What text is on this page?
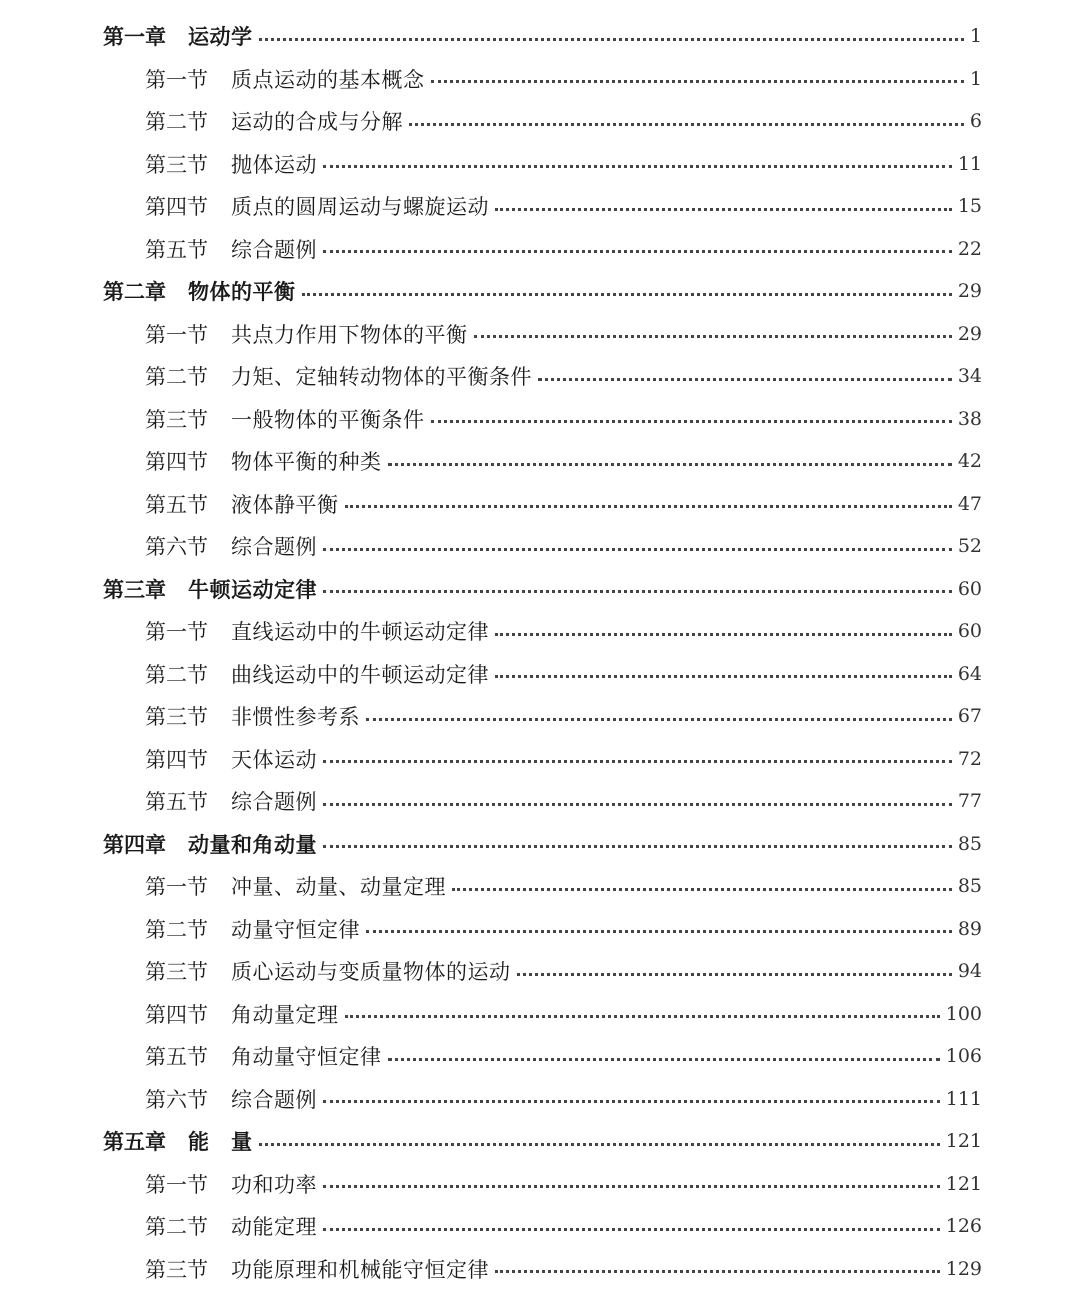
第一章	运动学	1
第一节	质点运动的基本概念	1
第二节	运动的合成与分解	6
第三节	抛体运动	11
第四节	质点的圆周运动与螺旋运动	15
第五节	综合题例	22
第二章	物体的平衡	29
第一节	共点力作用下物体的平衡	29
第二节	力矩、定轴转动物体的平衡条件	34
第三节	一般物体的平衡条件	38
第四节	物体平衡的种类	42
第五节	液体静平衡	47
第六节	综合题例	52
第三章	牛顿运动定律	60
第一节	直线运动中的牛顿运动定律	60
第二节	曲线运动中的牛顿运动定律	64
第三节	非惯性参考系	67
第四节	天体运动	72
第五节	综合题例	77
第四章	动量和角动量	85
第一节	冲量、动量、动量定理	85
第二节	动量守恒定律	89
第三节	质心运动与变质量物体的运动	94
第四节	角动量定理	100
第五节	角动量守恒定律	106
第六节	综合题例	111
第五章	能　量	121
第一节	功和功率	121
第二节	动能定理	126
第三节	功能原理和机械能守恒定律	129
